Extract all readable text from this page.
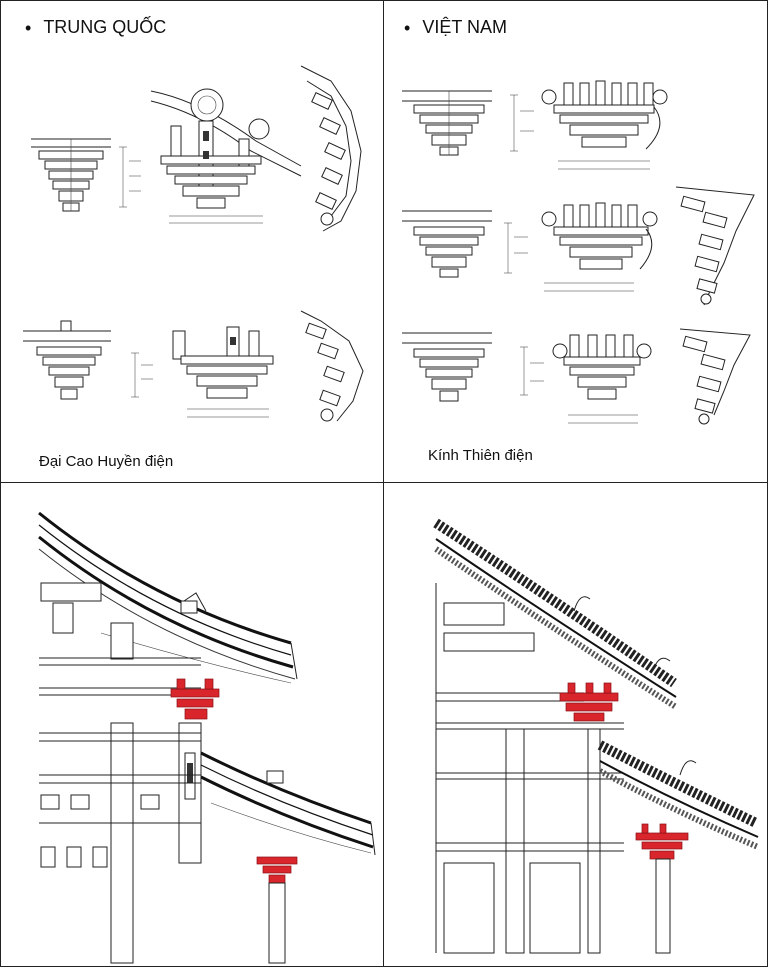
• TRUNG QUỐC
Đại Cao Huyền điện
• VIỆT NAM
Kính Thiên điện
